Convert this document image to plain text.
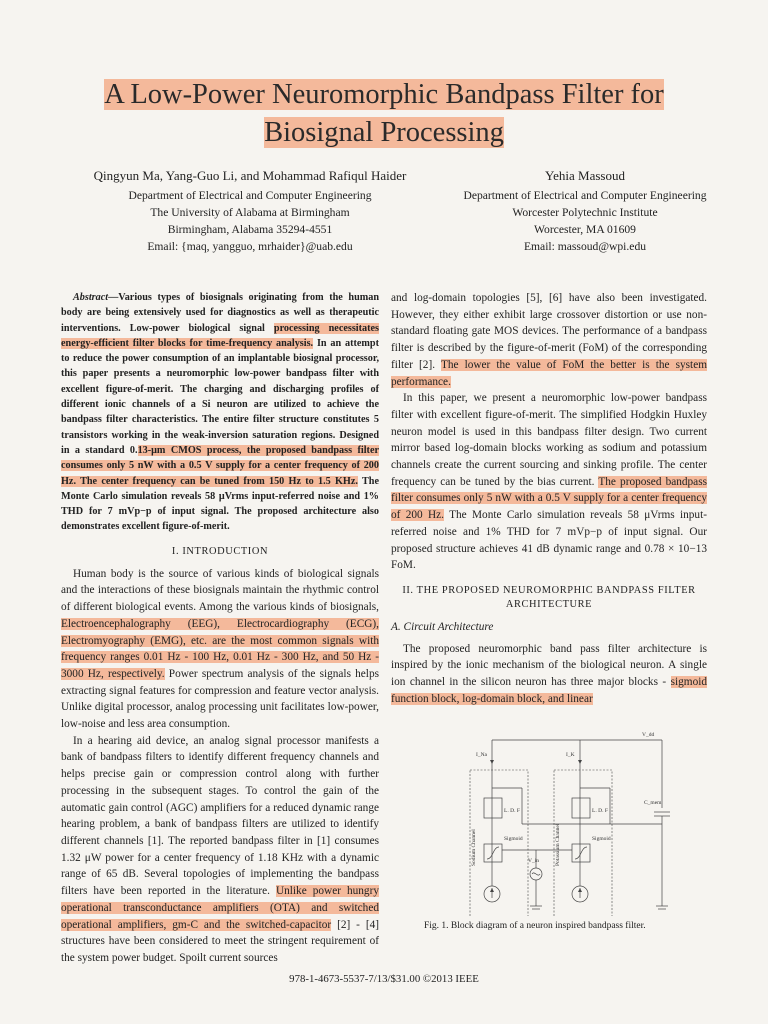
A Low-Power Neuromorphic Bandpass Filter for
Biosignal Processing
Qingyun Ma, Yang-Guo Li, and Mohammad Rafiqul Haider
Department of Electrical and Computer Engineering
The University of Alabama at Birmingham
Birmingham, Alabama 35294-4551
Email: {maq, yangguo, mrhaider}@uab.edu
Yehia Massoud
Department of Electrical and Computer Engineering
Worcester Polytechnic Institute
Worcester, MA 01609
Email: massoud@wpi.edu

Abstract—Various types of biosignals originating from the human body are being extensively used for diagnostics as well as therapeutic interventions. Low-power biological signal processing necessitates energy-efficient filter blocks for time-frequency analysis. In an attempt to reduce the power consumption of an implantable biosignal processor, this paper presents a neuromorphic low-power bandpass filter with excellent figure-of-merit. The charging and discharging profiles of different ionic channels of a Si neuron are utilized to achieve the bandpass filter characteristics. The entire filter structure constitutes 5 transistors working in the weak-inversion saturation regions. Designed in a standard 0.13-μm CMOS process, the proposed bandpass filter consumes only 5 nW with a 0.5 V supply for a center frequency of 200 Hz. The center frequency can be tuned from 150 Hz to 1.5 KHz. The Monte Carlo simulation reveals 58 μVrms input-referred noise and 1% THD for 7 mVp−p of input signal. The proposed architecture also demonstrates excellent figure-of-merit.

I. INTRODUCTION

Human body is the source of various kinds of biological signals and the interactions of these biosignals maintain the rhythmic control of different biological events. Among the various kinds of biosignals, Electroencephalography (EEG), Electrocardiography (ECG), Electromyography (EMG), etc. are the most common signals with frequency ranges 0.01 Hz - 100 Hz, 0.01 Hz - 300 Hz, and 50 Hz - 3000 Hz, respectively. Power spectrum analysis of the signals helps extracting signal features for compression and feature vector analysis. Unlike digital processor, analog processing unit facilitates low-power, low-noise and less area consumption.

In a hearing aid device, an analog signal processor manifests a bank of bandpass filters to identify different frequency channels and helps precise gain or compression control along with further processing in the subsequent stages. To control the gain of the automatic gain control (AGC) amplifiers for a reduced dynamic range hearing problem, a bank of bandpass filters are utilized to identify different channels [1]. The reported bandpass filter in [1] consumes 1.32 μW power for a center frequency of 1.18 KHz with a dynamic range of 65 dB. Several topologies of implementing the bandpass filters have been reported in the literature. Unlike power hungry operational transconductance amplifiers (OTA) and switched operational amplifiers, gm-C and the switched-capacitor [2] - [4] structures have been considered to meet the stringent requirement of the system power budget. Spoilt current sources

and log-domain topologies [5], [6] have also been investigated. However, they either exhibit large crossover distortion or use non-standard floating gate MOS devices. The performance of a bandpass filter is described by the figure-of-merit (FoM) of the corresponding filter [2]. The lower the value of FoM the better is the system performance.

In this paper, we present a neuromorphic low-power bandpass filter with excellent figure-of-merit. The simplified Hodgkin Huxley neuron model is used in this bandpass filter design. Two current mirror based log-domain blocks working as sodium and potassium channels create the current sourcing and sinking profile. The center frequency can be tuned by the bias current. The proposed bandpass filter consumes only 5 nW with a 0.5 V supply for a center frequency of 200 Hz. The Monte Carlo simulation reveals 58 μVrms input-referred noise and 1% THD for 7 mVp−p of input signal. Our proposed structure achieves 41 dB dynamic range and 0.78 × 10−13 FoM.

II. THE PROPOSED NEUROMORPHIC BANDPASS FILTER ARCHITECTURE
A. Circuit Architecture

The proposed neuromorphic band pass filter architecture is inspired by the ionic mechanism of the biological neuron. A single ion channel in the silicon neuron has three major blocks - sigmoid function block, log-domain block, and linear

V_dd
I_Na	I_K
Sodium Channel	Potassium Channel
L. D. F	L. D. F
Sigmoid	Sigmoid
C_mem
V_in
Fig. 1. Block diagram of a neuron inspired bandpass filter.
978-1-4673-5537-7/13/$31.00 ©2013 IEEE
